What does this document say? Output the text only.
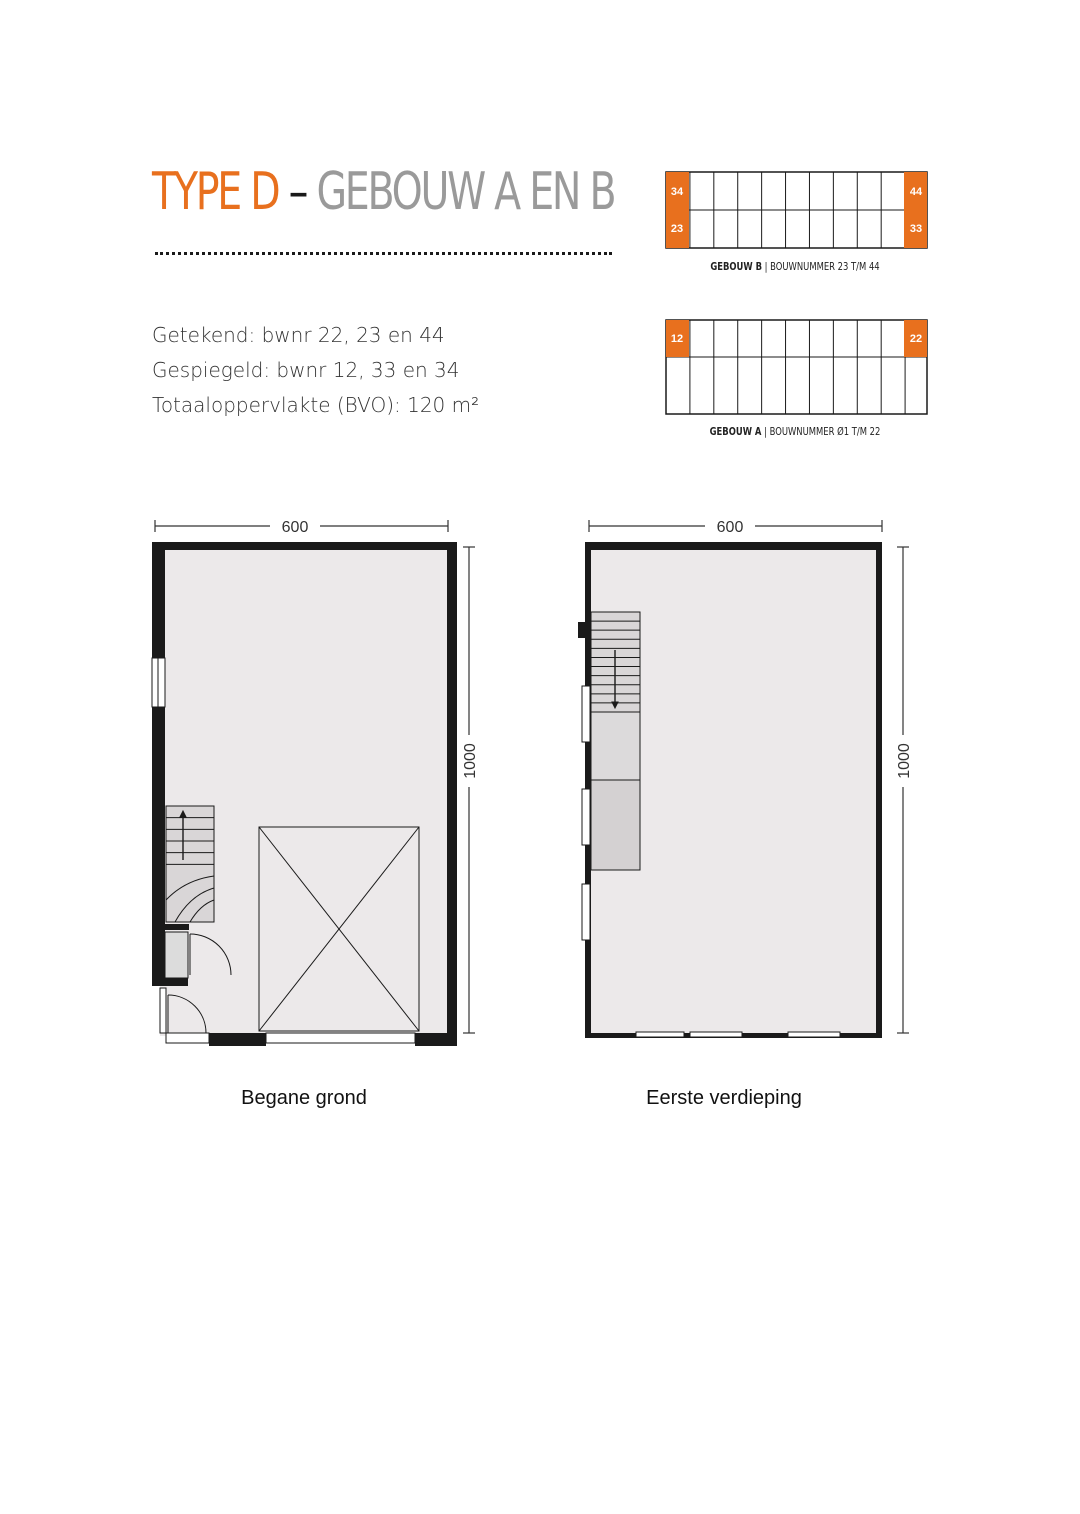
TYPE D – GEBOUW A EN B
Getekend: bwnr 22, 23 en 44
Gespiegeld: bwnr 12, 33 en 34
Totaaloppervlakte (BVO): 120 m²
34	44
23	33
GEBOUW B | BOUWNUMMER 23 T/M 44
12	22
GEBOUW A | BOUWNUMMER Ø1 T/M 22
600
1000
Begane grond
600
1000
Eerste verdieping
